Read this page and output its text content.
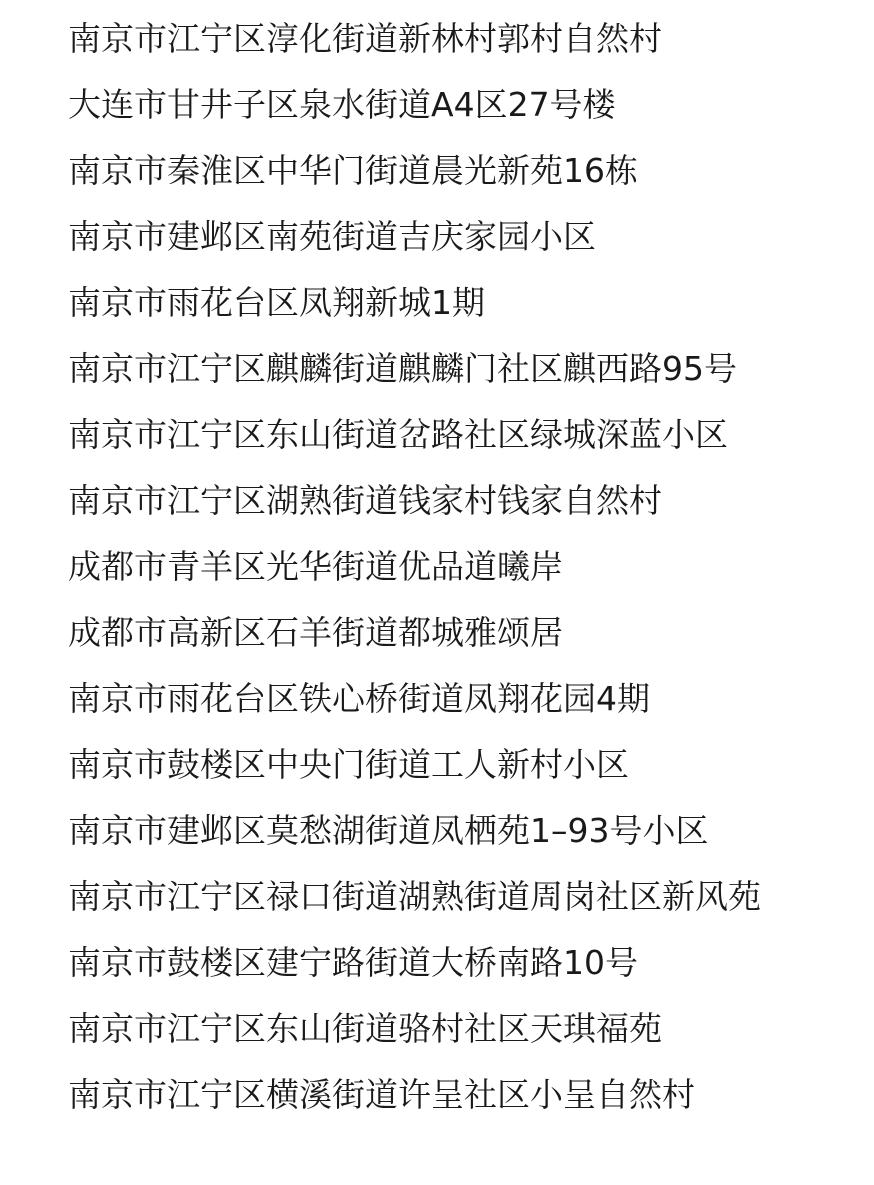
南京市江宁区淳化街道新林村郭村自然村
大连市甘井子区泉水街道A4区27号楼
南京市秦淮区中华门街道晨光新苑16栋
南京市建邺区南苑街道吉庆家园小区
南京市雨花台区凤翔新城1期
南京市江宁区麒麟街道麒麟门社区麒西路95号
南京市江宁区东山街道岔路社区绿城深蓝小区
南京市江宁区湖熟街道钱家村钱家自然村
成都市青羊区光华街道优品道曦岸
成都市高新区石羊街道都城雅颂居
南京市雨花台区铁心桥街道凤翔花园4期
南京市鼓楼区中央门街道工人新村小区
南京市建邺区莫愁湖街道凤栖苑1–93号小区
南京市江宁区禄口街道湖熟街道周岗社区新风苑
南京市鼓楼区建宁路街道大桥南路10号
南京市江宁区东山街道骆村社区天琪福苑
南京市江宁区横溪街道许呈社区小呈自然村
